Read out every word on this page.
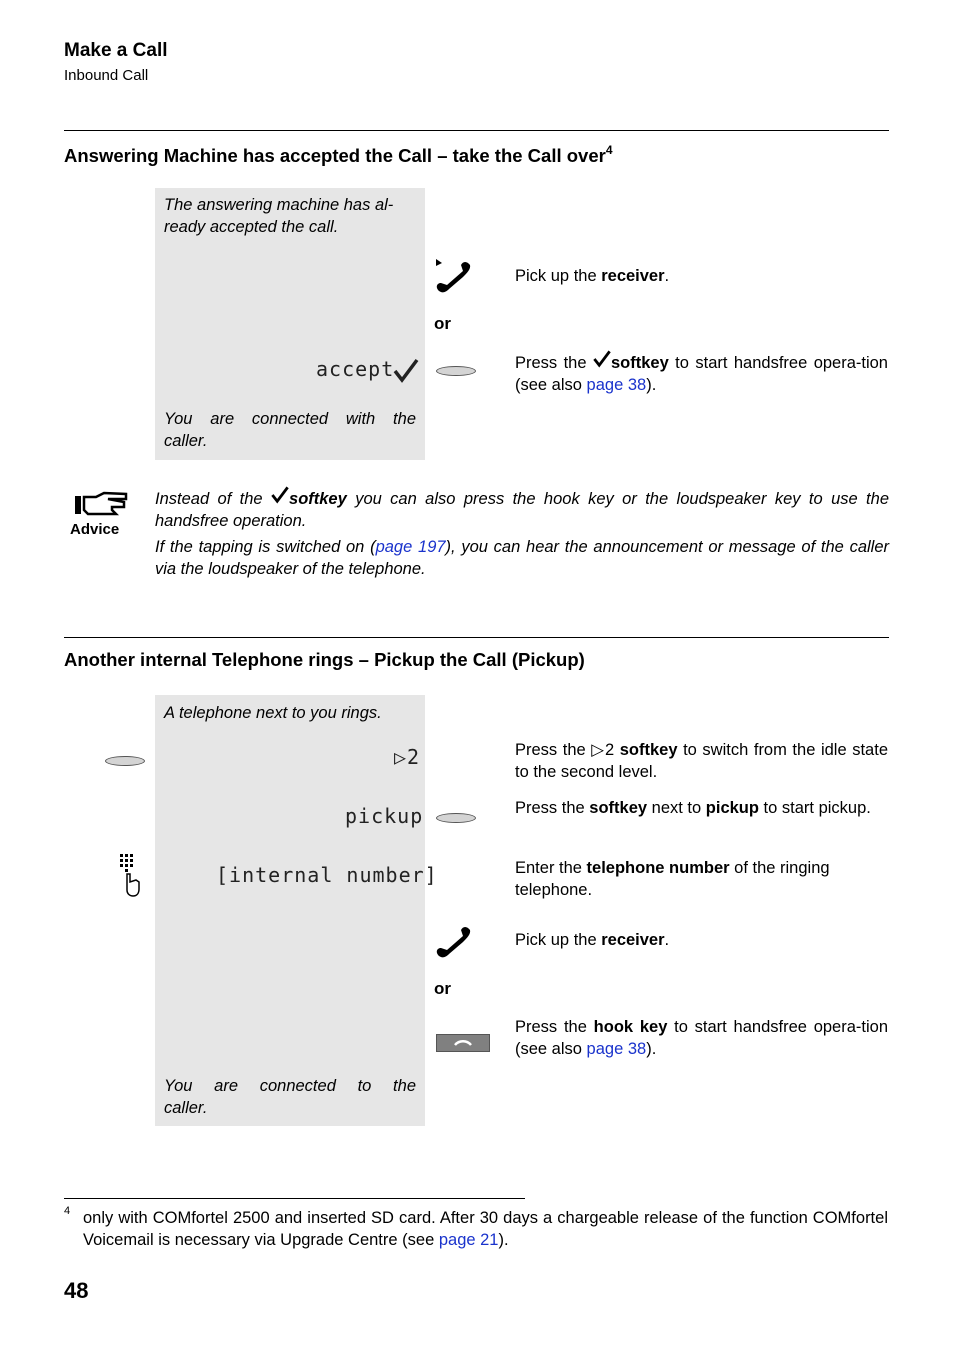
Make a Call
Inbound Call
Answering Machine has accepted the Call – take the Call over$^4$
The answering machine has al-ready accepted the call.
accept
You are connected with the
caller.
Pick up the receiver.
or
Press the softkey to start handsfree opera-tion (see also page 38).
Advice
Instead of the softkey you can also press the hook key or the loudspeaker key to use the handsfree operation.
If the tapping is switched on (page 197), you can hear the announcement or message of the caller via the loudspeaker of the telephone.
Another internal Telephone rings – Pickup the Call (Pickup)
A telephone next to you rings.
▷2
pickup
[internal number]
You are connected to the
caller.
Press the ▷2 softkey to switch from the idle state to the second level.
Press the softkey next to pickup to start pickup.
Enter the telephone number of the ringing telephone.
Pick up the receiver.
or
Press the hook key to start handsfree opera-tion (see also page 38).
4 only with COMfortel 2500 and inserted SD card. After 30 days a chargeable release of the function COMfortel Voicemail is necessary via Upgrade Centre (see page 21).
48
